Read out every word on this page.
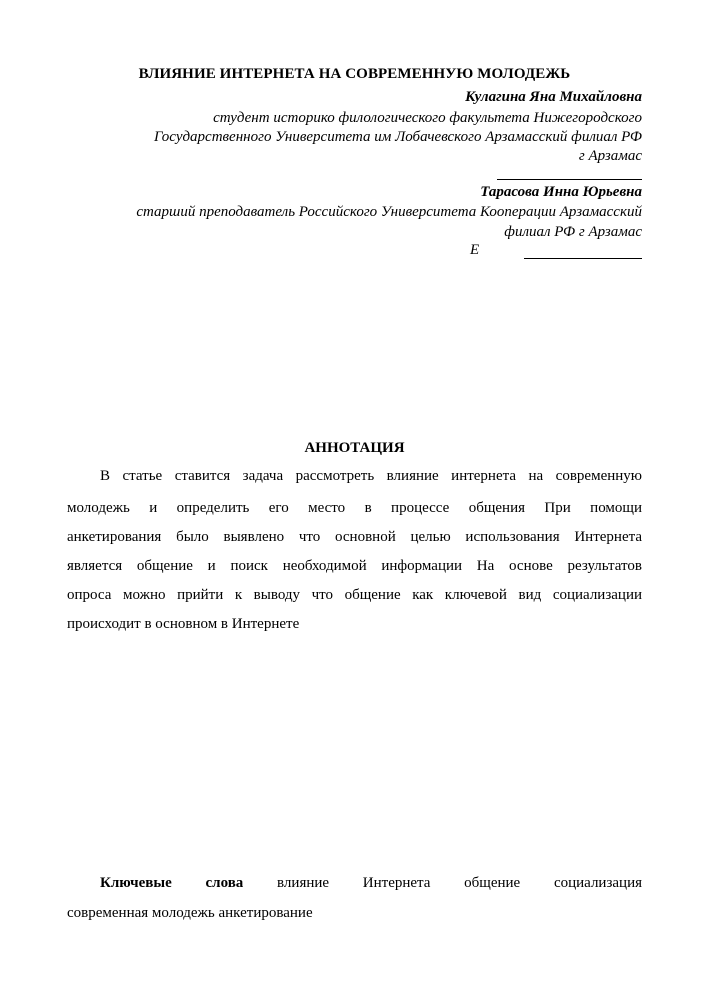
ВЛИЯНИЕ ИНТЕРНЕТА НА СОВРЕМЕННУЮ МОЛОДЕЖЬ
Кулагина Яна Михайловна
студент историко филологического факультета Нижегородского
Государственного Университета им Лобачевского Арзамасский филиал РФ
г Арзамас
Тарасова Инна Юрьевна
старший преподаватель Российского Университета Кооперации Арзамасский
филиал РФ г Арзамас
E
АННОТАЦИЯ
В статье ставится задача рассмотреть влияние интернета на современную
молодежь и определить его место в процессе общения При помощи
анкетирования было выявлено что основной целью использования Интернета
является общение и поиск необходимой информации На основе результатов
опроса можно прийти к выводу что общение как ключевой вид социализации
происходит в основном в Интернете
Ключевые слова влияние Интернета общение социализация
современная молодежь анкетирование
